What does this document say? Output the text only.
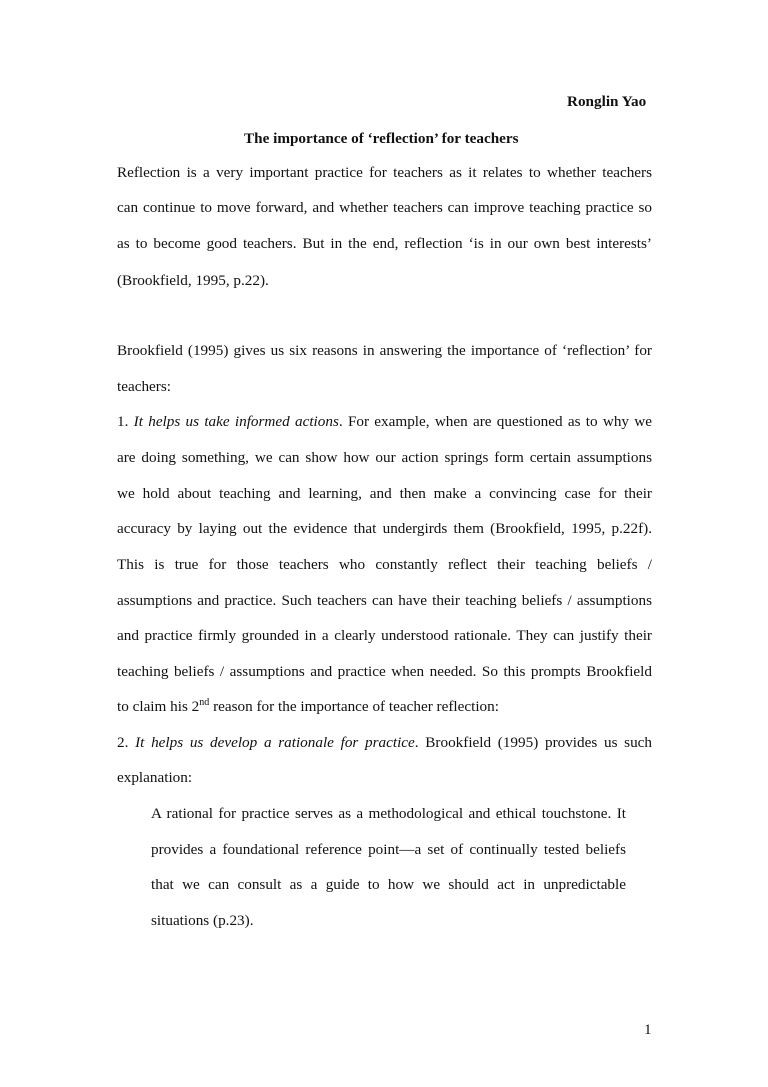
Ronglin Yao
The importance of ‘reflection’ for teachers
Reflection is a very important practice for teachers as it relates to whether teachers
can continue to move forward, and whether teachers can improve teaching practice so
as to become good teachers. But in the end, reflection ‘is in our own best interests’
(Brookfield, 1995, p.22).
Brookfield (1995) gives us six reasons in answering the importance of ‘reflection’ for
teachers:
1. It helps us take informed actions. For example, when are questioned as to why we
are doing something, we can show how our action springs form certain assumptions
we hold about teaching and learning, and then make a convincing case for their
accuracy by laying out the evidence that undergirds them (Brookfield, 1995, p.22f).
This is true for those teachers who constantly reflect their teaching beliefs /
assumptions and practice. Such teachers can have their teaching beliefs / assumptions
and practice firmly grounded in a clearly understood rationale. They can justify their
teaching beliefs / assumptions and practice when needed. So this prompts Brookfield
to claim his 2nd reason for the importance of teacher reflection:
2. It helps us develop a rationale for practice. Brookfield (1995) provides us such
explanation:
A rational for practice serves as a methodological and ethical touchstone. It
provides a foundational reference point—a set of continually tested beliefs
that we can consult as a guide to how we should act in unpredictable
situations (p.23).
1
